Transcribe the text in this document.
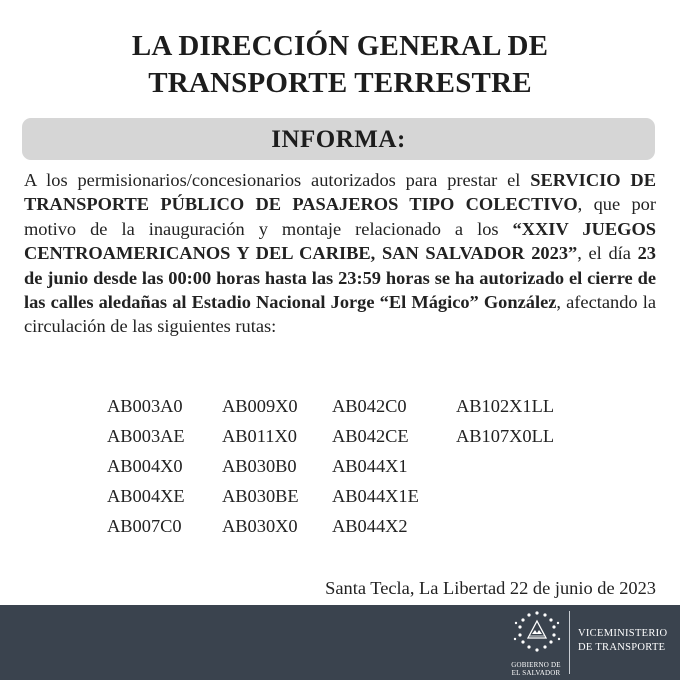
LA DIRECCIÓN GENERAL DE
TRANSPORTE TERRESTRE
INFORMA:
A los permisionarios/concesionarios autorizados para prestar el SERVICIO DE TRANSPORTE PÚBLICO DE PASAJEROS TIPO COLECTIVO, que por motivo de la inauguración y montaje relacionado a los “XXIV JUEGOS CENTROAMERICANOS Y DEL CARIBE, SAN SALVADOR 2023”, el día 23 de junio desde las 00:00 horas hasta las 23:59 horas se ha autorizado el cierre de las calles aledañas al Estadio Nacional Jorge “El Mágico” González, afectando la circulación de las siguientes rutas:
AB003A0	AB009X0	AB042C0	AB102X1LL
AB003AE	AB011X0	AB042CE	AB107X0LL
AB004X0	AB030B0	AB044X1
AB004XE	AB030BE	AB044X1E
AB007C0	AB030X0	AB044X2
Santa Tecla, La Libertad 22 de junio de 2023
GOBIERNO DE
EL SALVADOR
VICEMINISTERIO
DE TRANSPORTE
